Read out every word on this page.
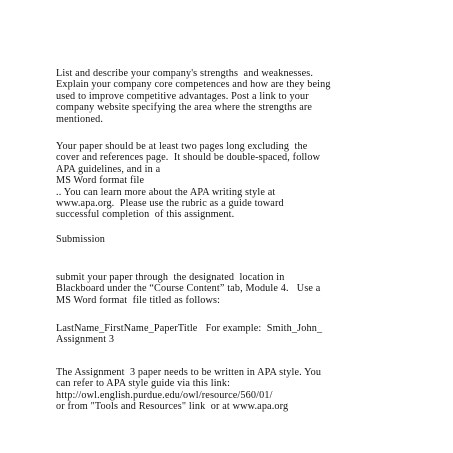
List and describe your company's strengths  and weaknesses.
Explain your company core competences and how are they being
used to improve competitive advantages. Post a link to your
company website specifying the area where the strengths are
mentioned.
Your paper should be at least two pages long excluding  the
cover and references page.  It should be double-spaced, follow
APA guidelines, and in a
MS Word format file
.. You can learn more about the APA writing style at
www.apa.org.  Please use the rubric as a guide toward
successful completion  of this assignment.
Submission
submit your paper through  the designated  location in
Blackboard under the “Course Content” tab, Module 4.   Use a
MS Word format  file titled as follows:
LastName_FirstName_PaperTitle   For example:  Smith_John_
Assignment 3
The Assignment  3 paper needs to be written in APA style. You
can refer to APA style guide via this link:
http://owl.english.purdue.edu/owl/resource/560/01/
or from "Tools and Resources" link  or at www.apa.org
